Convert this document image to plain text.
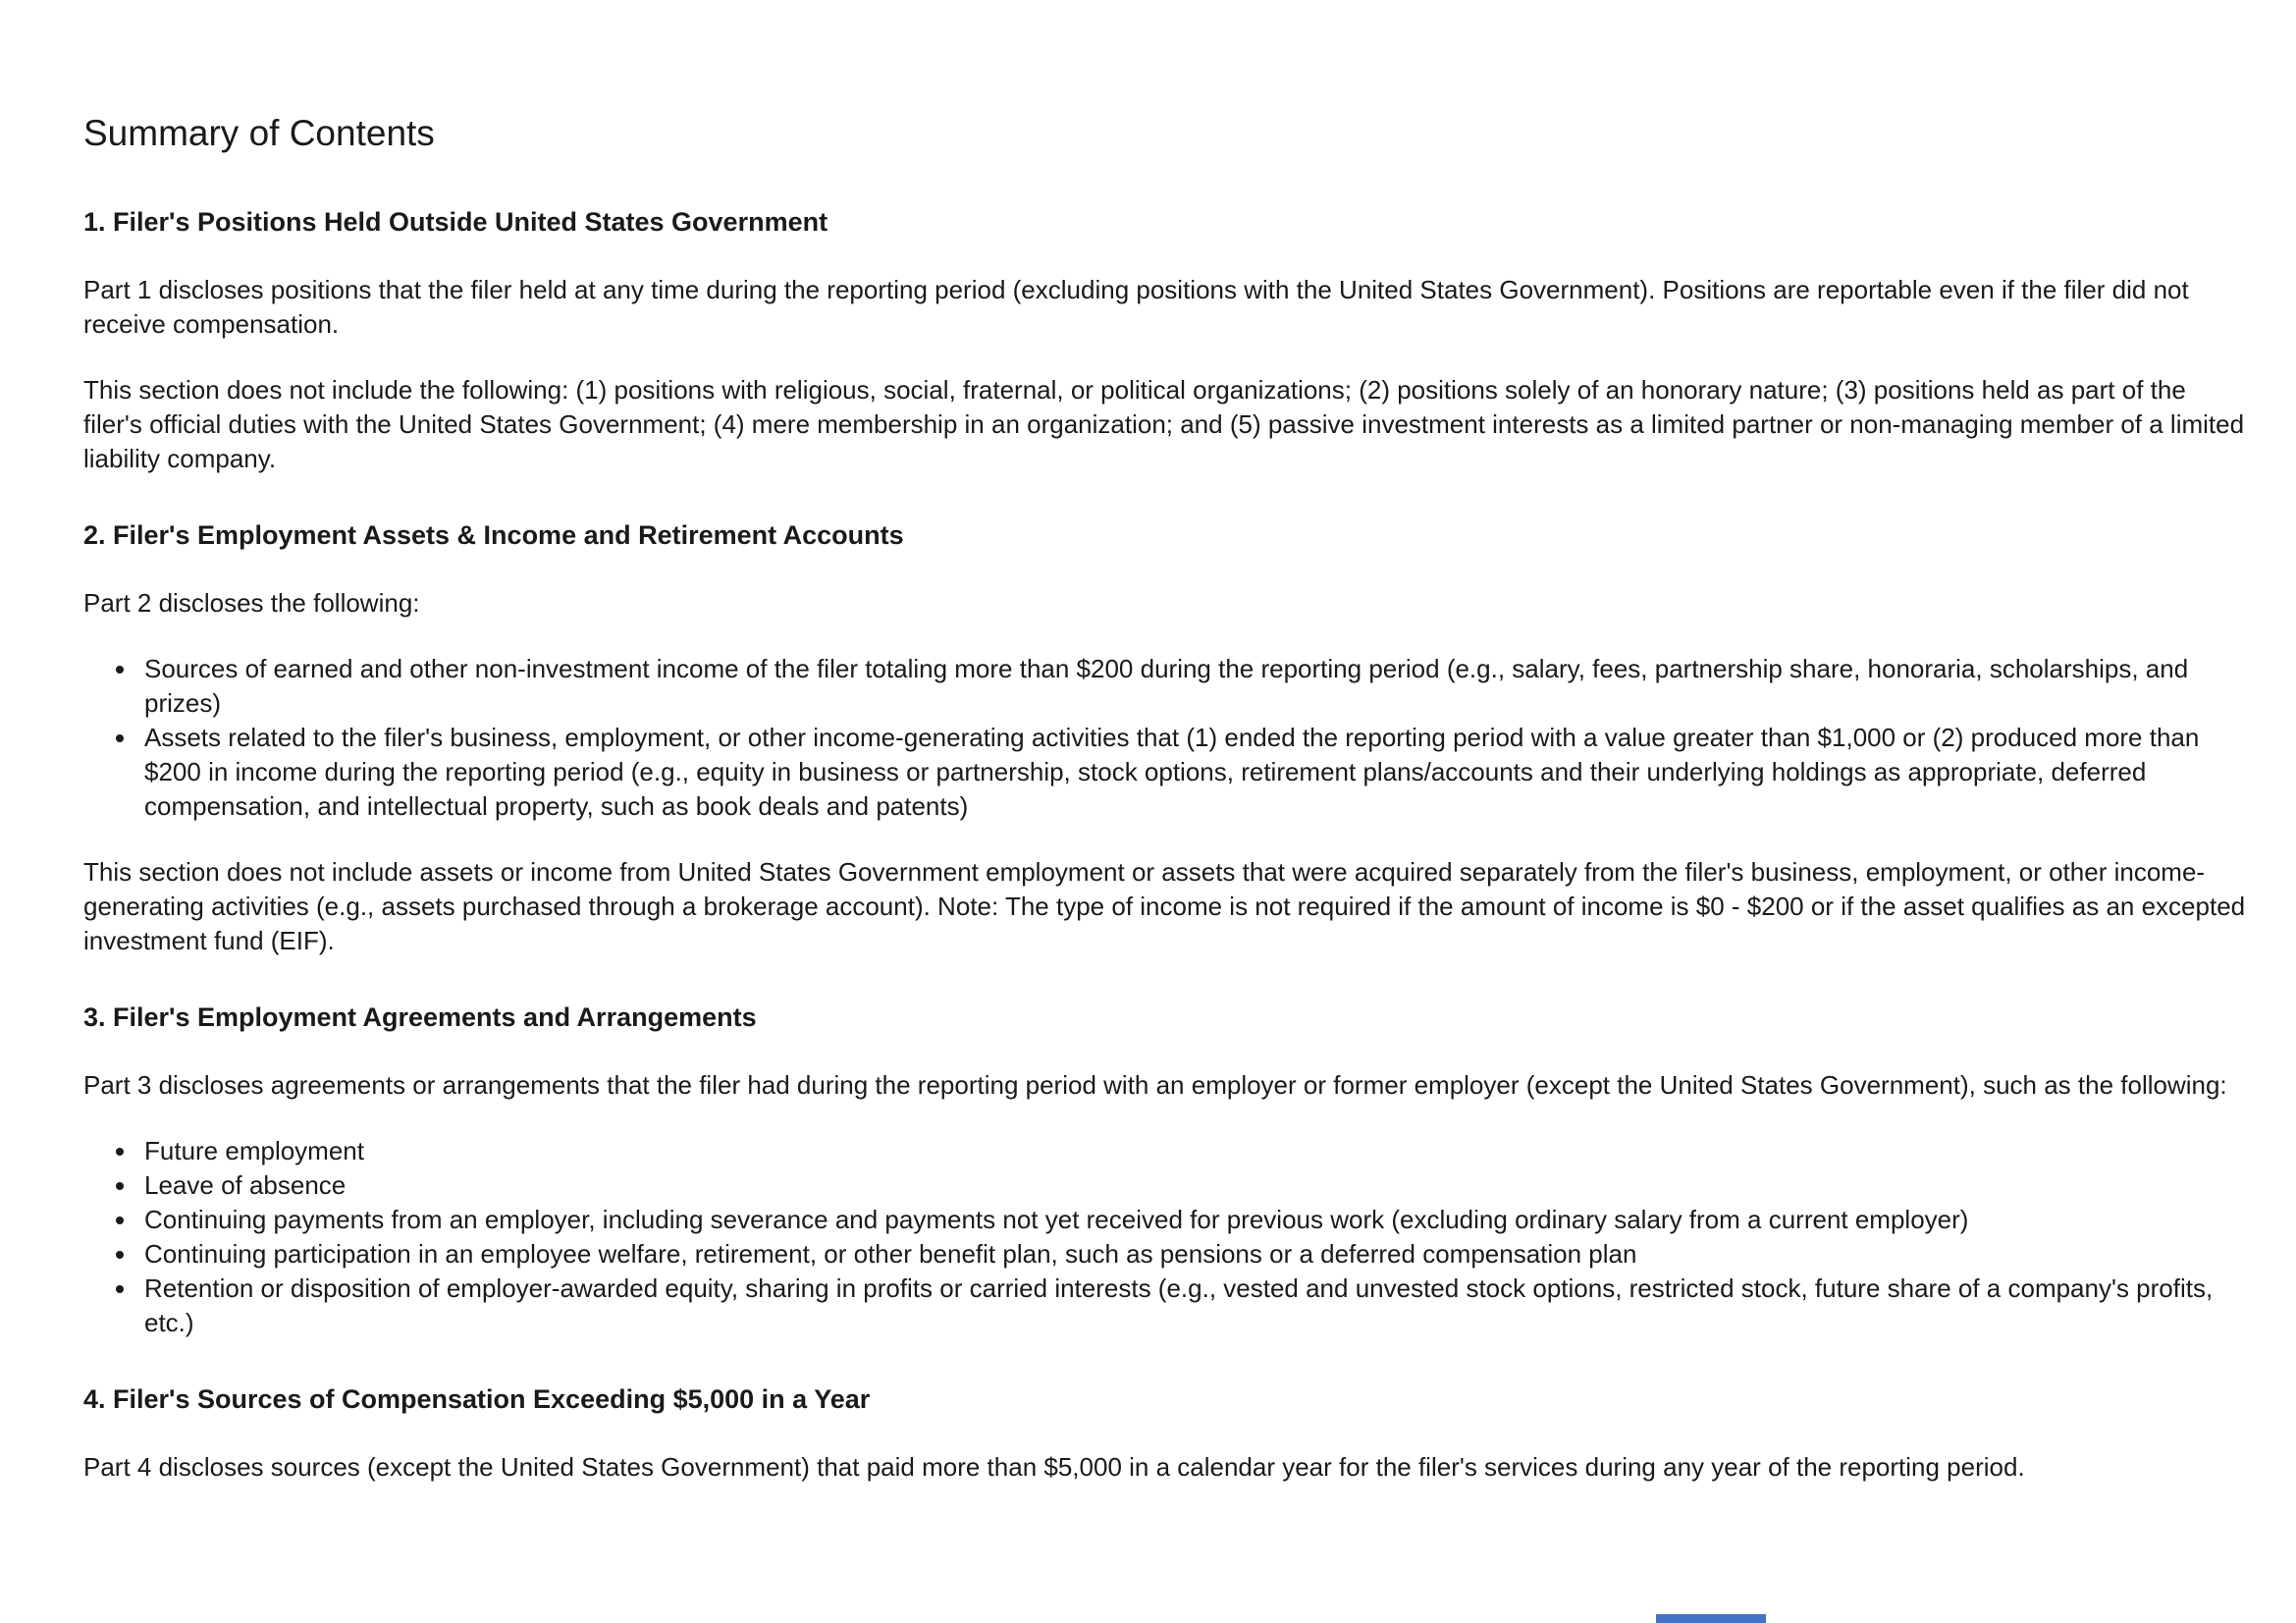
Summary of Contents
1. Filer's Positions Held Outside United States Government

Part 1 discloses positions that the filer held at any time during the reporting period (excluding positions with the United States Government). Positions are reportable even if the filer did not receive compensation.

This section does not include the following: (1) positions with religious, social, fraternal, or political organizations; (2) positions solely of an honorary nature; (3) positions held as part of the filer's official duties with the United States Government; (4) mere membership in an organization; and (5) passive investment interests as a limited partner or non-managing member of a limited liability company.

2. Filer's Employment Assets & Income and Retirement Accounts

Part 2 discloses the following:

• Sources of earned and other non-investment income of the filer totaling more than $200 during the reporting period (e.g., salary, fees, partnership share, honoraria, scholarships, and prizes)
• Assets related to the filer's business, employment, or other income-generating activities that (1) ended the reporting period with a value greater than $1,000 or (2) produced more than $200 in income during the reporting period (e.g., equity in business or partnership, stock options, retirement plans/accounts and their underlying holdings as appropriate, deferred compensation, and intellectual property, such as book deals and patents)

This section does not include assets or income from United States Government employment or assets that were acquired separately from the filer's business, employment, or other income-generating activities (e.g., assets purchased through a brokerage account). Note: The type of income is not required if the amount of income is $0 - $200 or if the asset qualifies as an excepted investment fund (EIF).

3. Filer's Employment Agreements and Arrangements

Part 3 discloses agreements or arrangements that the filer had during the reporting period with an employer or former employer (except the United States Government), such as the following:

• Future employment
• Leave of absence
• Continuing payments from an employer, including severance and payments not yet received for previous work (excluding ordinary salary from a current employer)
• Continuing participation in an employee welfare, retirement, or other benefit plan, such as pensions or a deferred compensation plan
• Retention or disposition of employer-awarded equity, sharing in profits or carried interests (e.g., vested and unvested stock options, restricted stock, future share of a company's profits, etc.)
4. Filer's Sources of Compensation Exceeding $5,000 in a Year

Part 4 discloses sources (except the United States Government) that paid more than $5,000 in a calendar year for the filer's services during any year of the reporting period.
